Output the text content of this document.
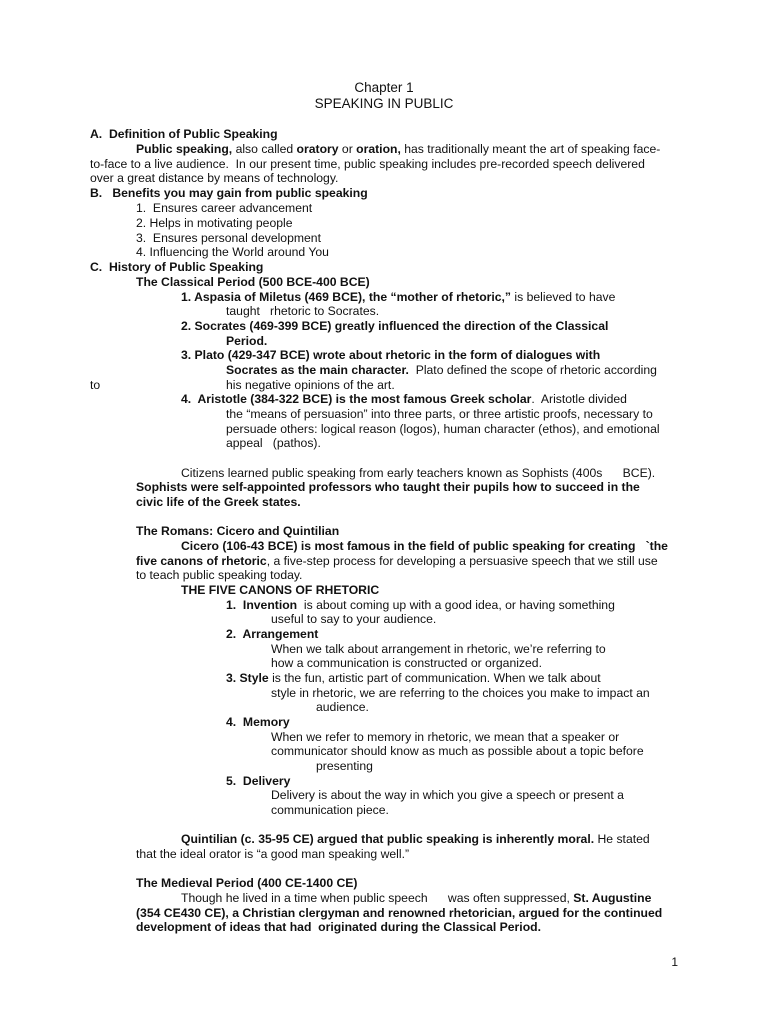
Chapter 1
SPEAKING IN PUBLIC
A.  Definition of Public Speaking
Public speaking, also called oratory or oration, has traditionally meant the art of speaking face-
to-face to a live audience.  In our present time, public speaking includes pre-recorded speech delivered
over a great distance by means of technology.
B.   Benefits you may gain from public speaking
1.  Ensures career advancement
2. Helps in motivating people
3.  Ensures personal development
4. Influencing the World around You
C.  History of Public Speaking
The Classical Period (500 BCE-400 BCE)
1. Aspasia of Miletus (469 BCE), the “mother of rhetoric,” is believed to have
taught   rhetoric to Socrates.
2. Socrates (469-399 BCE) greatly influenced the direction of the Classical
Period.
3. Plato (429-347 BCE) wrote about rhetoric in the form of dialogues with
Socrates as the main character.  Plato defined the scope of rhetoric according
to	his negative opinions of the art.
4.  Aristotle (384-322 BCE) is the most famous Greek scholar.  Aristotle divided
the “means of persuasion” into three parts, or three artistic proofs, necessary to
persuade others: logical reason (logos), human character (ethos), and emotional
appeal   (pathos).
Citizens learned public speaking from early teachers known as Sophists (400s      BCE).
Sophists were self-appointed professors who taught their pupils how to succeed in the
civic life of the Greek states.
The Romans: Cicero and Quintilian
Cicero (106-43 BCE) is most famous in the field of public speaking for creating   `the
five canons of rhetoric, a five-step process for developing a persuasive speech that we still use
to teach public speaking today.
THE FIVE CANONS OF RHETORIC
1.  Invention  is about coming up with a good idea, or having something
useful to say to your audience.
2.  Arrangement
When we talk about arrangement in rhetoric, we’re referring to
how a communication is constructed or organized.
3. Style is the fun, artistic part of communication. When we talk about
style in rhetoric, we are referring to the choices you make to impact an
audience.
4.  Memory
When we refer to memory in rhetoric, we mean that a speaker or
communicator should know as much as possible about a topic before
presenting
5.  Delivery
Delivery is about the way in which you give a speech or present a
communication piece.
Quintilian (c. 35-95 CE) argued that public speaking is inherently moral. He stated
that the ideal orator is “a good man speaking well.”
The Medieval Period (400 CE-1400 CE)
Though he lived in a time when public speech      was often suppressed, St. Augustine
(354 CE430 CE), a Christian clergyman and renowned rhetorician, argued for the continued
development of ideas that had  originated during the Classical Period.
1
